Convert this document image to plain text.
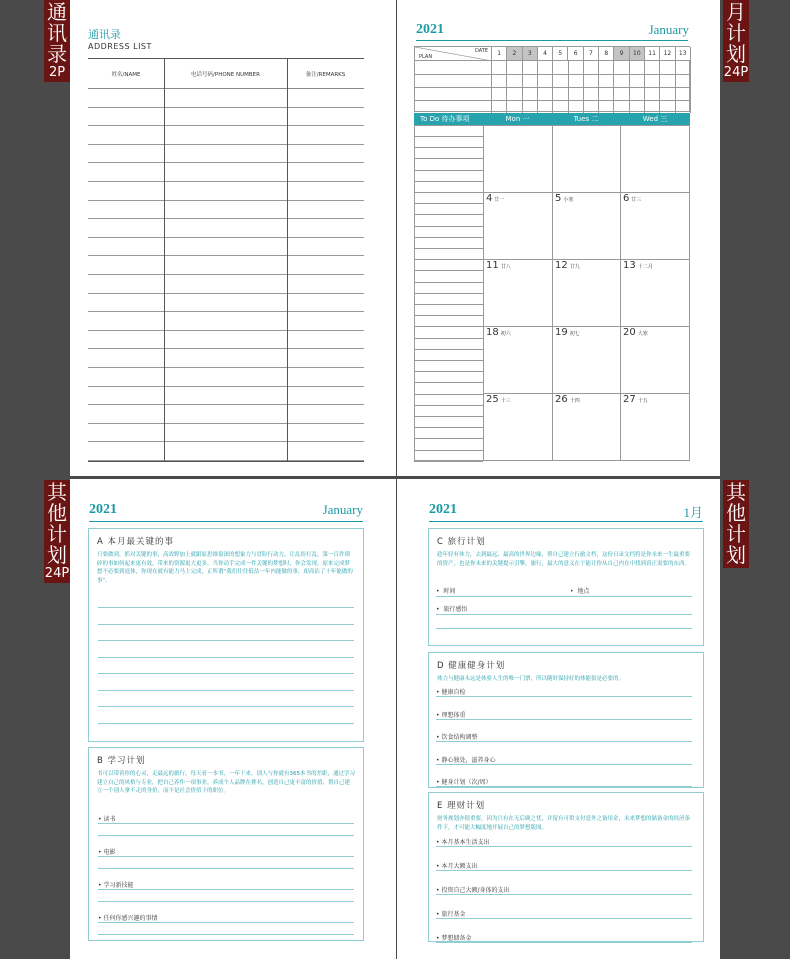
通讯录
ADDRESS LIST
姓名/NAME	电话号码/PHONE NUMBER	备注/REMARKS
2021	January
DATE
PLAN	1	2	3	4	5	6	7	8	9	10	11	12	13
To Do 待办事项	Mon 一	Tues 二	Wed 三
4 廿一	5 小寒	6 廿三
11 廿八	12 廿九	13 十二月
18 初六	19 初七	20 大寒
25 十三	26 十四	27 十五
2021	January
A 本月最关键的事
只要做到，抓对关键的事，高效野加上就跟原思维很深的想象力与冒险行动力，让乱纷打乱，第一百件琐碎的事如何起来更有效，带来的资源更大更多，当你动手完成一件关键的梦想时，你会发现，原来完成梦想不必要到退休，你现在就有能力马上完成，正所谓“我们往往低估一年内能做的事，却高估了十年能做的事”。
B 学习计划
书可以带着你的心灵，走最远的旅行，每天看一本书，一年下来，别人与你就有365本书的差距，通过学习建立自己的风格与专业，把自己养作一项事业，养成个人品牌在排名，创造自己更丰富的价值，帮自己建立一个别人拿不走的身价，而不是社会价值下的职位。
• 读书
• 电影
• 学习新技能
• 任何你感兴趣的事情
2021	1月
C 旅行计划
趁年轻有体力，去到最远、最高的世界边缘，帮自己建立行旅文档，这份日录文档将是你未来一生最重要的资产，也是你未来的关键提示引擎，旅行，最大的意义在于能让你从自己内在中找到真正需要的东西。
•  时间	•  地点
•  旅行感悟
D 健康健身计划
体力与健康永远是体验人生的唯一门票，所以随时保持好的体能很是必要的。
• 健康自检
• 理想体重
• 饮食结构调整
• 静心独处，滋养身心
• 健身计划（次/周）
E 理财计划
财务规划亦很重要，因为只有在无后顾之忧，并留有可供支付意外之备用金，未来梦想的储备金的经济条件下，才可能大幅度地开展自己的梦想版图。
• 本月基本生活支出
• 本月大额支出
• 投资自己大额/身体的支出
• 旅行基金
• 梦想储备金
通
讯
录
2P
月
计
划
24P
其
他
计
划
24P
其
他
计
划
